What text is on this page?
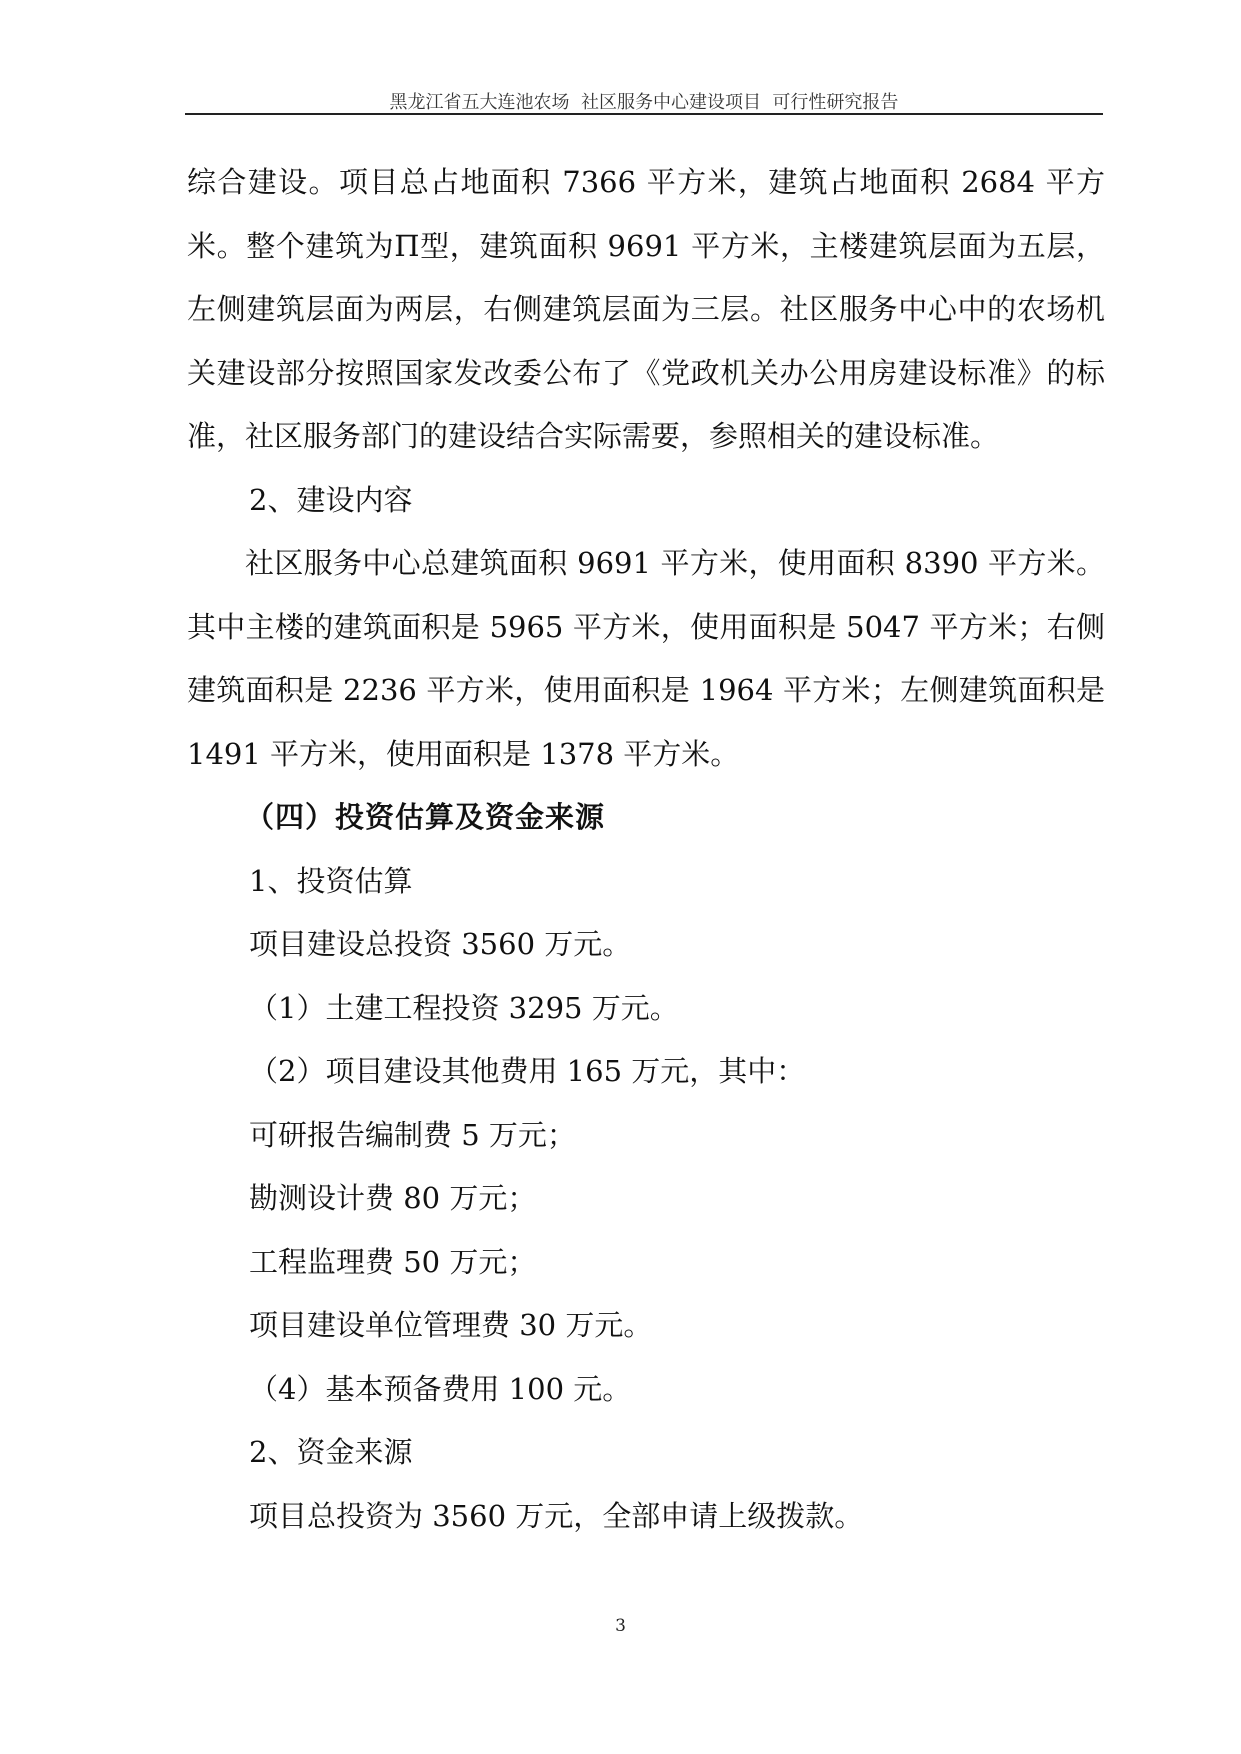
黑龙江省五大连池农场  社区服务中心建设项目  可行性研究报告

综合建设。项目总占地面积 7366 平方米，建筑占地面积 2684 平方米。整个建筑为Π型，建筑面积 9691 平方米，主楼建筑层面为五层，左侧建筑层面为两层，右侧建筑层面为三层。社区服务中心中的农场机关建设部分按照国家发改委公布了《党政机关办公用房建设标准》的标准，社区服务部门的建设结合实际需要，参照相关的建设标准。

2、建设内容

社区服务中心总建筑面积 9691 平方米，使用面积 8390 平方米。其中主楼的建筑面积是 5965 平方米，使用面积是 5047 平方米；右侧建筑面积是 2236 平方米，使用面积是 1964 平方米；左侧建筑面积是 1491 平方米，使用面积是 1378 平方米。

（四）投资估算及资金来源

1、投资估算

项目建设总投资 3560 万元。

（1）土建工程投资 3295 万元。

（2）项目建设其他费用 165 万元，其中：

可研报告编制费 5 万元；

勘测设计费 80 万元；

工程监理费 50 万元；

项目建设单位管理费 30 万元。

（4）基本预备费用 100 元。

2、资金来源

项目总投资为 3560 万元，全部申请上级拨款。

3
